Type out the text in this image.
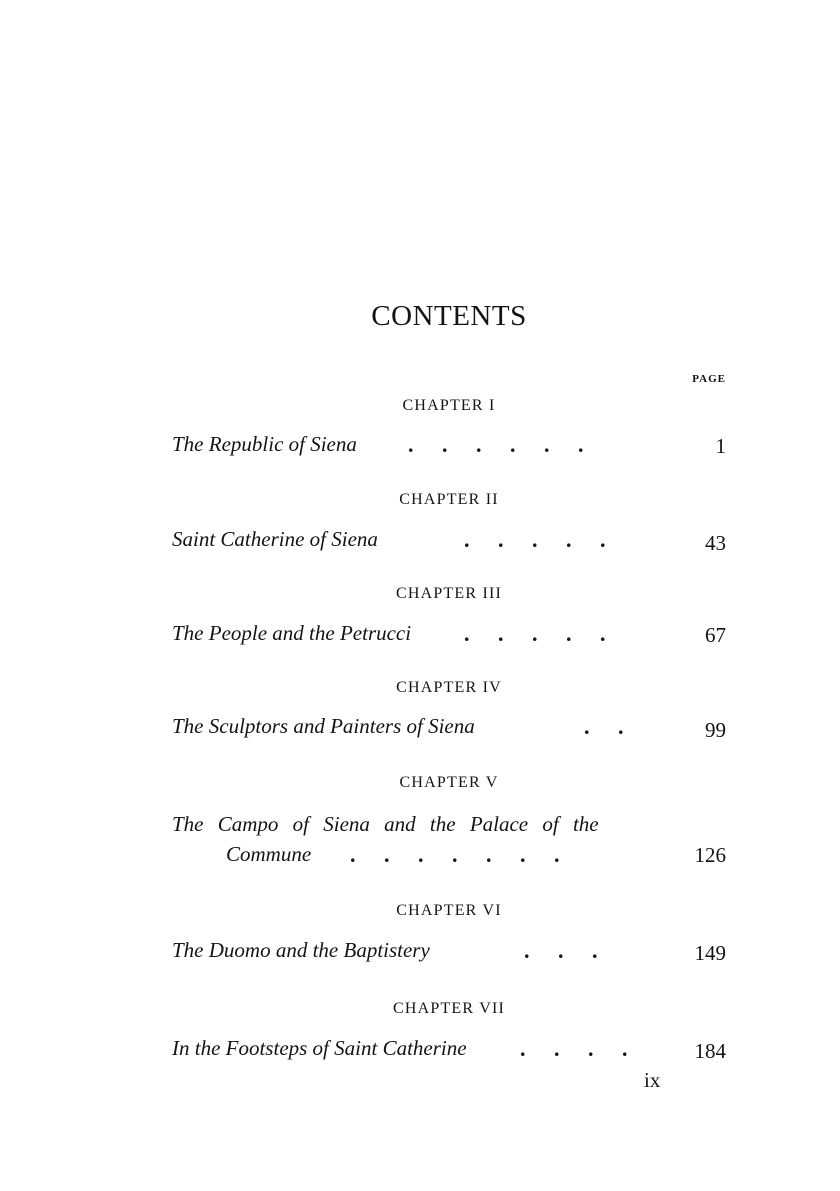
CONTENTS
PAGE
CHAPTER I
The Republic of Siena . . . . . .	1
CHAPTER II
Saint Catherine of Siena	. . . . .	43
CHAPTER III
The People and the Petrucci . . . . .	67
CHAPTER IV
The Sculptors and Painters of Siena	. .	99
CHAPTER V
The Campo of Siena and the Palace of the
Commune . . . . . . .	126
CHAPTER VI
The Duomo and the Baptistery	. . .	149
CHAPTER VII
In the Footsteps of Saint Catherine . . . .	184
ix
